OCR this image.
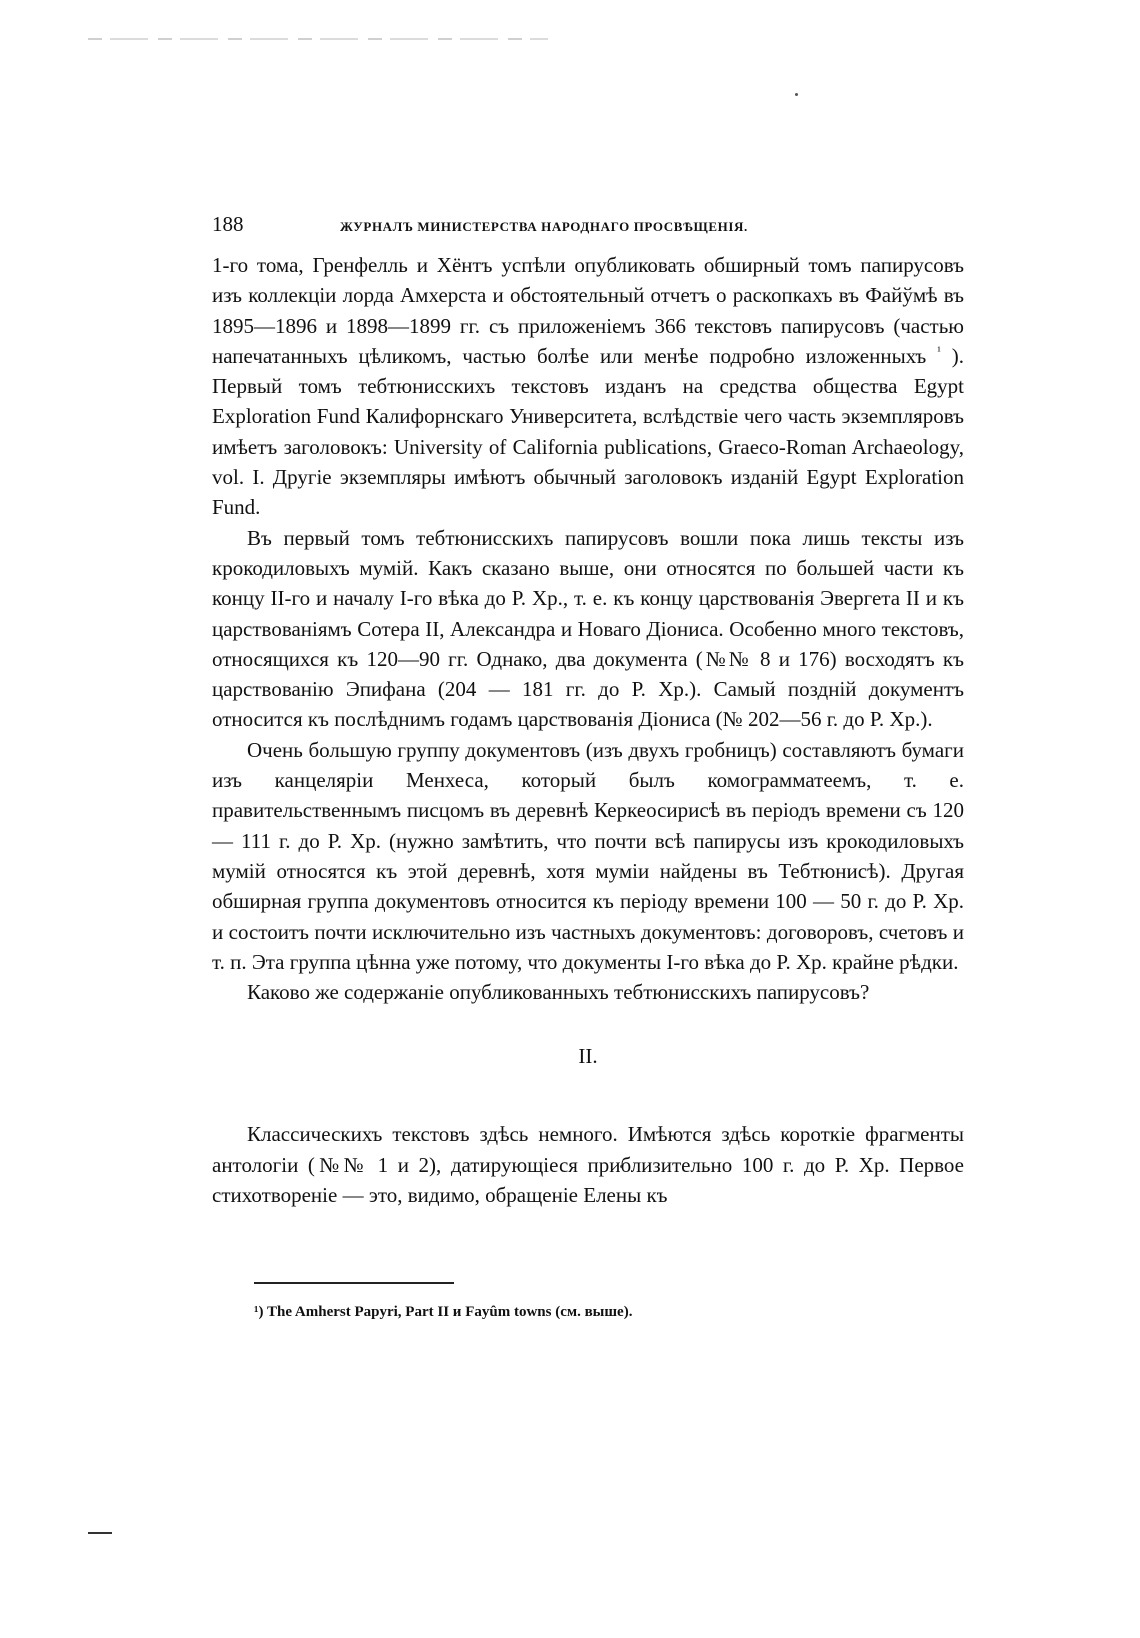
188	ЖУРНАЛЪ МИНИСТЕРСТВА НАРОДНАГО ПРОСВѢЩЕНІЯ.

1-го тома, Гренфелль и Хёнтъ успѣли опубликовать обширный томъ папирусовъ изъ коллекціи лорда Амхерста и обстоятельный отчетъ о раскопкахъ въ Файўмѣ въ 1895—1896 и 1898—1899 гг. съ приложеніемъ 366 текстовъ папирусовъ (частью напечатанныхъ цѣликомъ, частью болѣе или менѣе подробно изложенныхъ $^{^1}$ ). Первый томъ тебтюнисскихъ текстовъ изданъ на средства общества Egypt Exploration Fund Калифорнскаго Университета, вслѣдствіе чего часть экземпляровъ имѣетъ заголовокъ: University of California publications, Graeco-Roman Archaeology, vol. I. Другіе экземпляры имѣютъ обычный заголовокъ изданій Egypt Exploration Fund.

Въ первый томъ тебтюнисскихъ папирусовъ вошли пока лишь тексты изъ крокодиловыхъ мумій. Какъ сказано выше, они относятся по большей части къ концу II-го и началу I-го вѣка до Р. Хр., т. е. къ концу царствованія Эвергета II и къ царствованіямъ Сотера II, Александра и Новаго Діониса. Особенно много текстовъ, относящихся къ 120—90 гг. Однако, два документа (№№ 8 и 176) восходятъ къ царствованію Эпифана (204 — 181 гг. до Р. Хр.). Самый поздній документъ относится къ послѣднимъ годамъ царствованія Діониса (№ 202—56 г. до Р. Хр.).

Очень большую группу документовъ (изъ двухъ гробницъ) составляютъ бумаги изъ канцеляріи Менхеса, который былъ комограмматеемъ, т. е. правительственнымъ писцомъ въ деревнѣ Керкеосирисѣ въ періодъ времени съ 120 — 111 г. до Р. Хр. (нужно замѣтить, что почти всѣ папирусы изъ крокодиловыхъ мумій относятся къ этой деревнѣ, хотя муміи найдены въ Тебтюнисѣ). Другая обширная группа документовъ относится къ періоду времени 100 — 50 г. до Р. Хр. и состоитъ почти исключительно изъ частныхъ документовъ: договоровъ, счетовъ и т. п. Эта группа цѣнна уже потому, что документы I-го вѣка до Р. Хр. крайне рѣдки.

Каково же содержаніе опубликованныхъ тебтюнисскихъ папирусовъ?

II.

Классическихъ текстовъ здѣсь немного. Имѣются здѣсь короткіе фрагменты антологіи (№№ 1 и 2), датирующіеся приблизительно 100 г. до Р. Хр. Первое стихотвореніе — это, видимо, обращеніе Елены къ

¹) The Amherst Papyri, Part II и Fayûm towns (см. выше).
